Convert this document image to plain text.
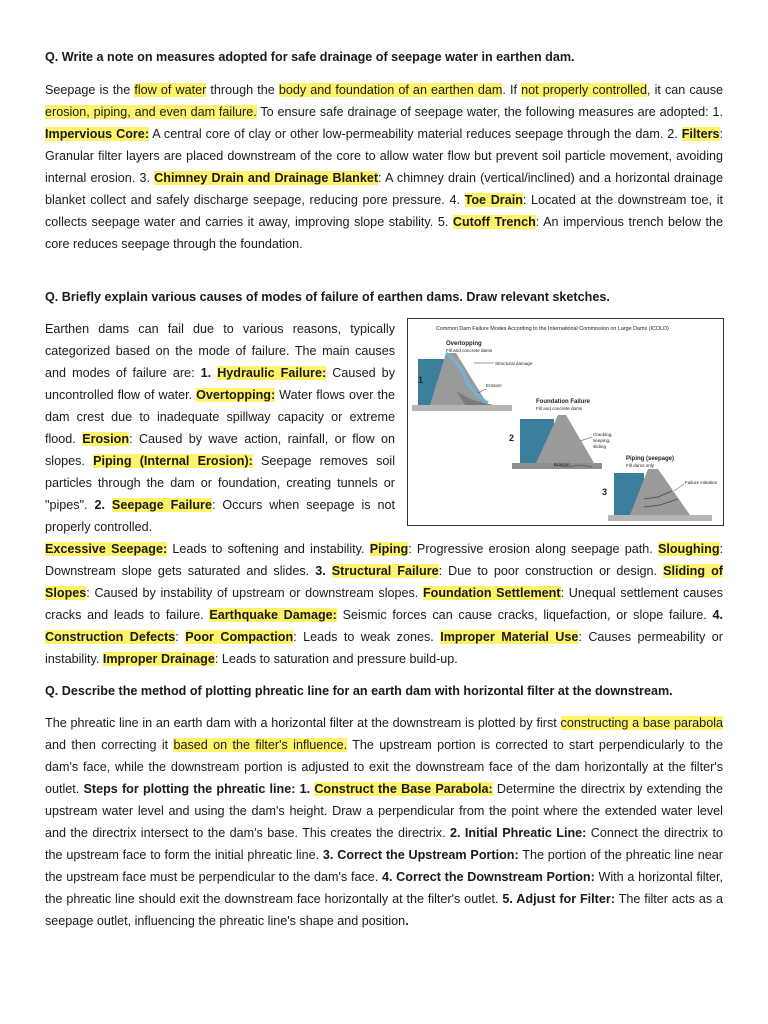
Q. Write a note on measures adopted for safe drainage of seepage water in earthen dam.

Seepage is the flow of water through the body and foundation of an earthen dam. If not properly controlled, it can cause erosion, piping, and even dam failure. To ensure safe drainage of seepage water, the following measures are adopted: 1. Impervious Core: A central core of clay or other low-permeability material reduces seepage through the dam. 2. Filters: Granular filter layers are placed downstream of the core to allow water flow but prevent soil particle movement, avoiding internal erosion. 3. Chimney Drain and Drainage Blanket: A chimney drain (vertical/inclined) and a horizontal drainage blanket collect and safely discharge seepage, reducing pore pressure. 4. Toe Drain: Located at the downstream toe, it collects seepage water and carries it away, improving slope stability. 5. Cutoff Trench: An impervious trench below the core reduces seepage through the foundation.

Q. Briefly explain various causes of modes of failure of earthen dams. Draw relevant sketches.

Earthen dams can fail due to various reasons, typically categorized based on the mode of failure. The main causes and modes of failure are: 1. Hydraulic Failure: Caused by uncontrolled flow of water. Overtopping: Water flows over the dam crest due to inadequate spillway capacity or extreme flood. Erosion: Caused by wave action, rainfall, or flow on slopes. Piping (Internal Erosion): Seepage removes soil particles through the dam or foundation, creating tunnels or "pipes". 2. Seepage Failure: Occurs when seepage is not properly controlled.

Common Dam Failure Modes According to the International Commission on Large Dams (ICOLD)
Overtopping
Fill and concrete dams
Structural damage
Erosion
1
Foundation Failure
Fill and concrete dams
Cracking,
seeping,
sliding
Erosion
2
Piping (seepage)
Fill dams only
Failure initiation
3

Excessive Seepage: Leads to softening and instability. Piping: Progressive erosion along seepage path. Sloughing: Downstream slope gets saturated and slides. 3. Structural Failure: Due to poor construction or design. Sliding of Slopes: Caused by instability of upstream or downstream slopes. Foundation Settlement: Unequal settlement causes cracks and leads to failure. Earthquake Damage: Seismic forces can cause cracks, liquefaction, or slope failure. 4. Construction Defects: Poor Compaction: Leads to weak zones. Improper Material Use: Causes permeability or instability. Improper Drainage: Leads to saturation and pressure build-up.

Q. Describe the method of plotting phreatic line for an earth dam with horizontal filter at the downstream.

The phreatic line in an earth dam with a horizontal filter at the downstream is plotted by first constructing a base parabola and then correcting it based on the filter's influence. The upstream portion is corrected to start perpendicularly to the dam's face, while the downstream portion is adjusted to exit the downstream face of the dam horizontally at the filter's outlet. Steps for plotting the phreatic line: 1. Construct the Base Parabola: Determine the directrix by extending the upstream water level and using the dam's height. Draw a perpendicular from the point where the extended water level and the directrix intersect to the dam's base. This creates the directrix. 2. Initial Phreatic Line: Connect the directrix to the upstream face to form the initial phreatic line. 3. Correct the Upstream Portion: The portion of the phreatic line near the upstream face must be perpendicular to the dam's face. 4. Correct the Downstream Portion: With a horizontal filter, the phreatic line should exit the downstream face horizontally at the filter's outlet. 5. Adjust for Filter: The filter acts as a seepage outlet, influencing the phreatic line's shape and position.
